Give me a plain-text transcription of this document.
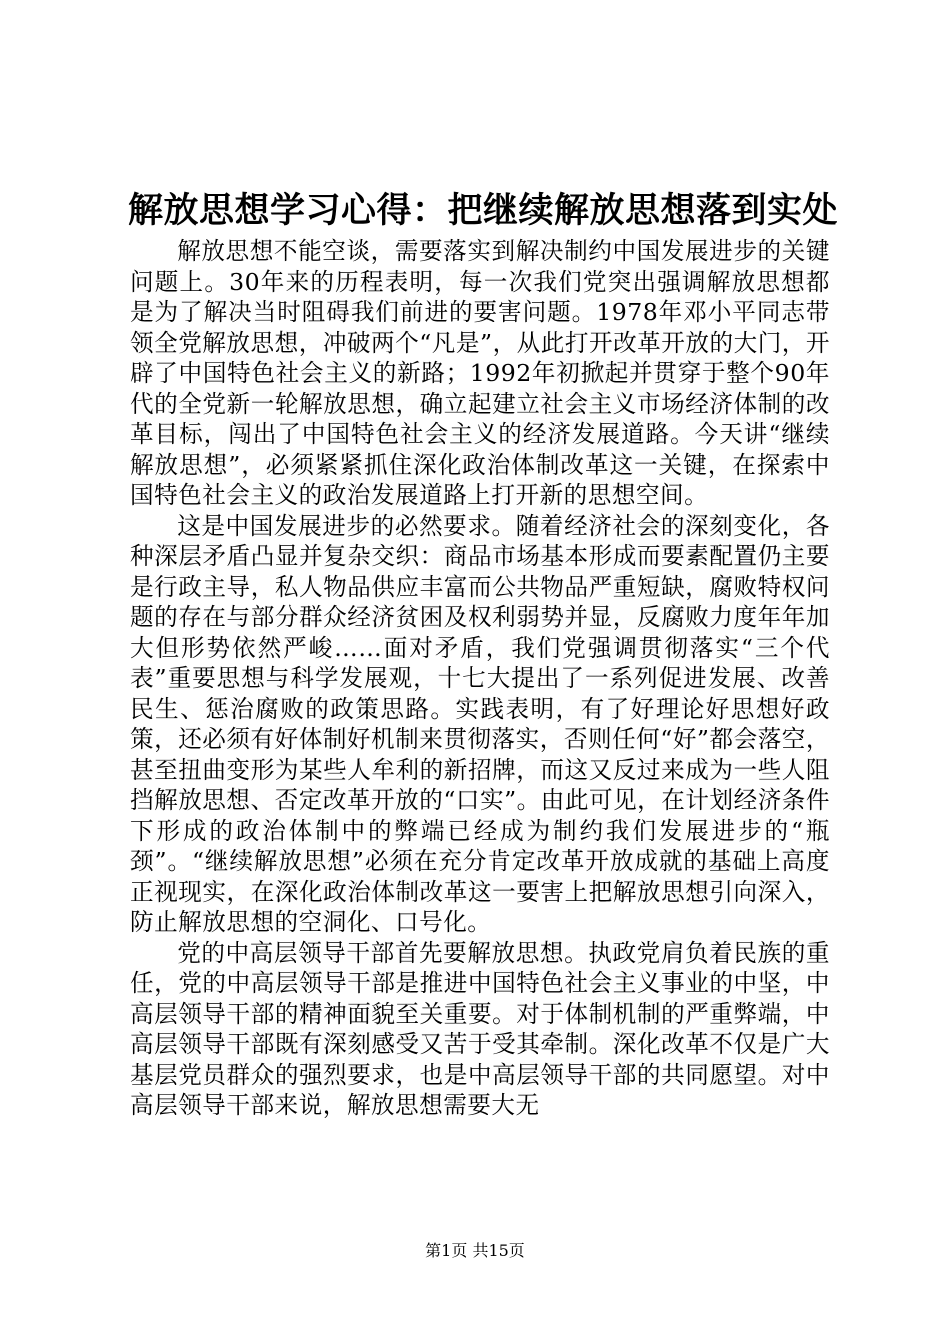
解放思想学习心得：把继续解放思想落到实处

解放思想不能空谈，需要落实到解决制约中国发展进步的关键问题上。30年来的历程表明，每一次我们党突出强调解放思想都是为了解决当时阻碍我们前进的要害问题。1978年邓小平同志带领全党解放思想，冲破两个“凡是”，从此打开改革开放的大门，开辟了中国特色社会主义的新路；1992年初掀起并贯穿于整个90年代的全党新一轮解放思想，确立起建立社会主义市场经济体制的改革目标，闯出了中国特色社会主义的经济发展道路。今天讲“继续解放思想”，必须紧紧抓住深化政治体制改革这一关键，在探索中国特色社会主义的政治发展道路上打开新的思想空间。

这是中国发展进步的必然要求。随着经济社会的深刻变化，各种深层矛盾凸显并复杂交织：商品市场基本形成而要素配置仍主要是行政主导，私人物品供应丰富而公共物品严重短缺，腐败特权问题的存在与部分群众经济贫困及权利弱势并显，反腐败力度年年加大但形势依然严峻……面对矛盾，我们党强调贯彻落实“三个代表”重要思想与科学发展观，十七大提出了一系列促进发展、改善民生、惩治腐败的政策思路。实践表明，有了好理论好思想好政策，还必须有好体制好机制来贯彻落实，否则任何“好”都会落空，甚至扭曲变形为某些人牟利的新招牌，而这又反过来成为一些人阻挡解放思想、否定改革开放的“口实”。由此可见，在计划经济条件下形成的政治体制中的弊端已经成为制约我们发展进步的“瓶颈”。“继续解放思想”必须在充分肯定改革开放成就的基础上高度正视现实，在深化政治体制改革这一要害上把解放思想引向深入，防止解放思想的空洞化、口号化。

党的中高层领导干部首先要解放思想。执政党肩负着民族的重任，党的中高层领导干部是推进中国特色社会主义事业的中坚，中高层领导干部的精神面貌至关重要。对于体制机制的严重弊端，中高层领导干部既有深刻感受又苦于受其牵制。深化改革不仅是广大基层党员群众的强烈要求，也是中高层领导干部的共同愿望。对中高层领导干部来说，解放思想需要大无

第1页 共15页
